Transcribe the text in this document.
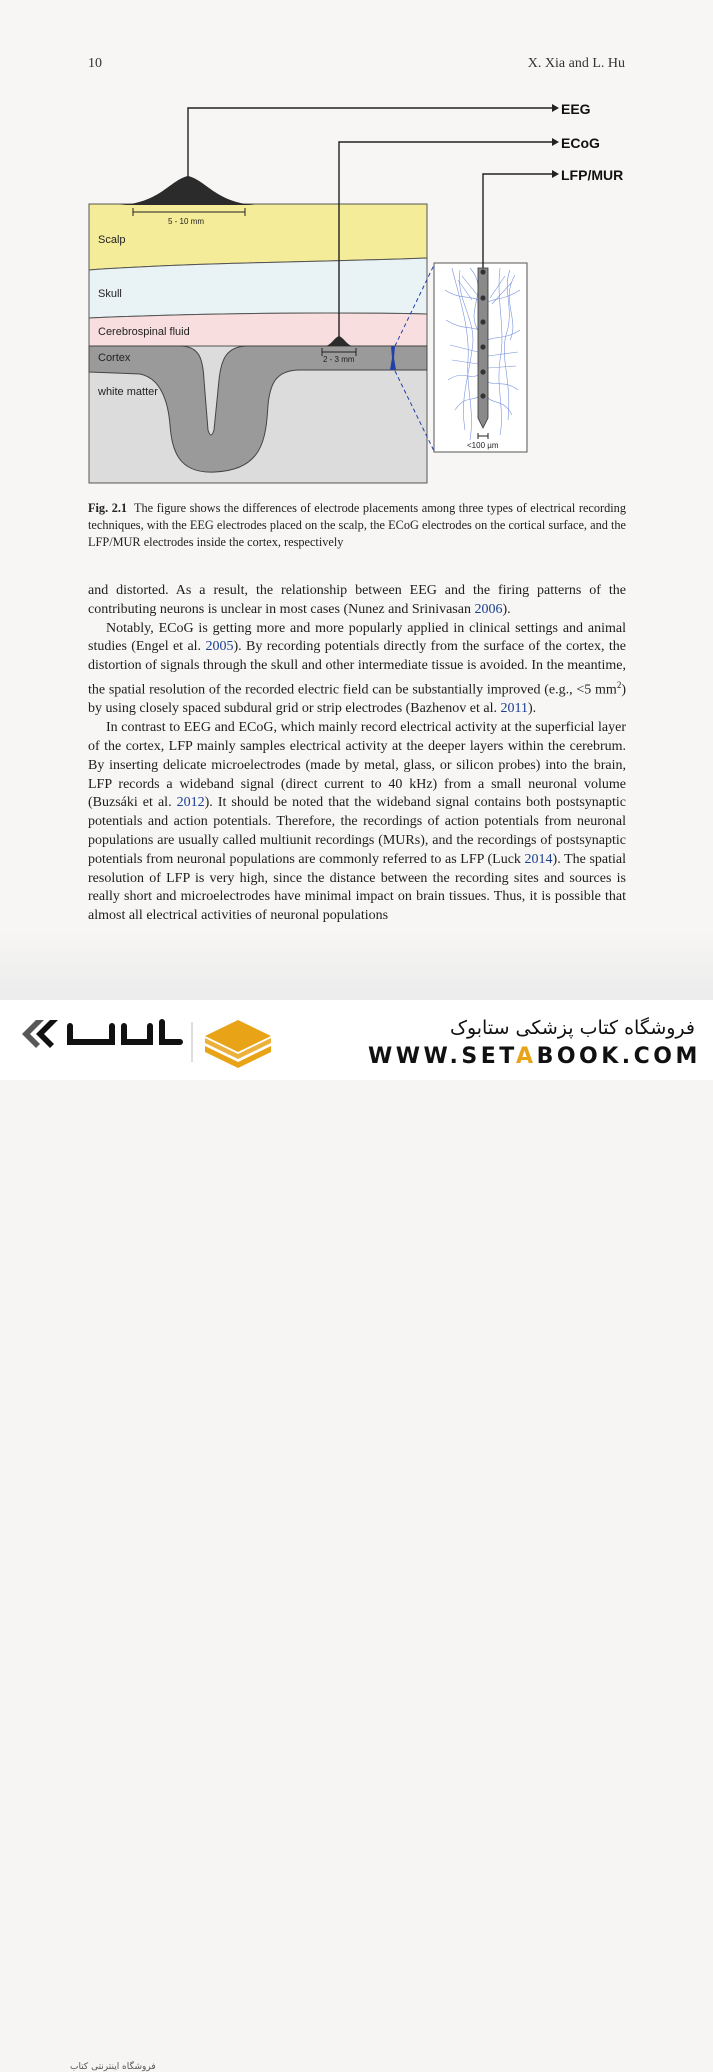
10	X. Xia and L. Hu
EEG
ECoG
LFP/MUR
Scalp
Skull
Cerebrospinal fluid
Cortex
white matter
5 - 10 mm
2 - 3 mm
<100 µm
Fig. 2.1 The figure shows the differences of electrode placements among three types of electrical recording techniques, with the EEG electrodes placed on the scalp, the ECoG electrodes on the cortical surface, and the LFP/MUR electrodes inside the cortex, respectively

and distorted. As a result, the relationship between EEG and the firing patterns of the contributing neurons is unclear in most cases (Nunez and Srinivasan 2006).

Notably, ECoG is getting more and more popularly applied in clinical settings and animal studies (Engel et al. 2005). By recording potentials directly from the surface of the cortex, the distortion of signals through the skull and other intermediate tissue is avoided. In the meantime, the spatial resolution of the recorded electric field can be substantially improved (e.g., <5 $mm^2$) by using closely spaced subdural grid or strip electrodes (Bazhenov et al. 2011).

In contrast to EEG and ECoG, which mainly record electrical activity at the superficial layer of the cortex, LFP mainly samples electrical activity at the deeper layers within the cerebrum. By inserting delicate microelectrodes (made by metal, glass, or silicon probes) into the brain, LFP records a wideband signal (direct current to 40 kHz) from a small neuronal volume (Buzsáki et al. 2012). It should be noted that the wideband signal contains both postsynaptic potentials and action potentials. Therefore, the recordings of action potentials from neuronal populations are usually called multiunit recordings (MURs), and the recordings of postsynaptic potentials from neuronal populations are commonly referred to as LFP (Luck 2014). The spatial resolution of LFP is very high, since the distance between the recording sites and sources is really short and microelectrodes have minimal impact on brain tissues. Thus, it is possible that almost all electrical activities of neuronal populations

فروشگاه اینترنتی کتاب
فروشگاه کتاب پزشکی ستابوک
WWW.SETABOOK.COM
